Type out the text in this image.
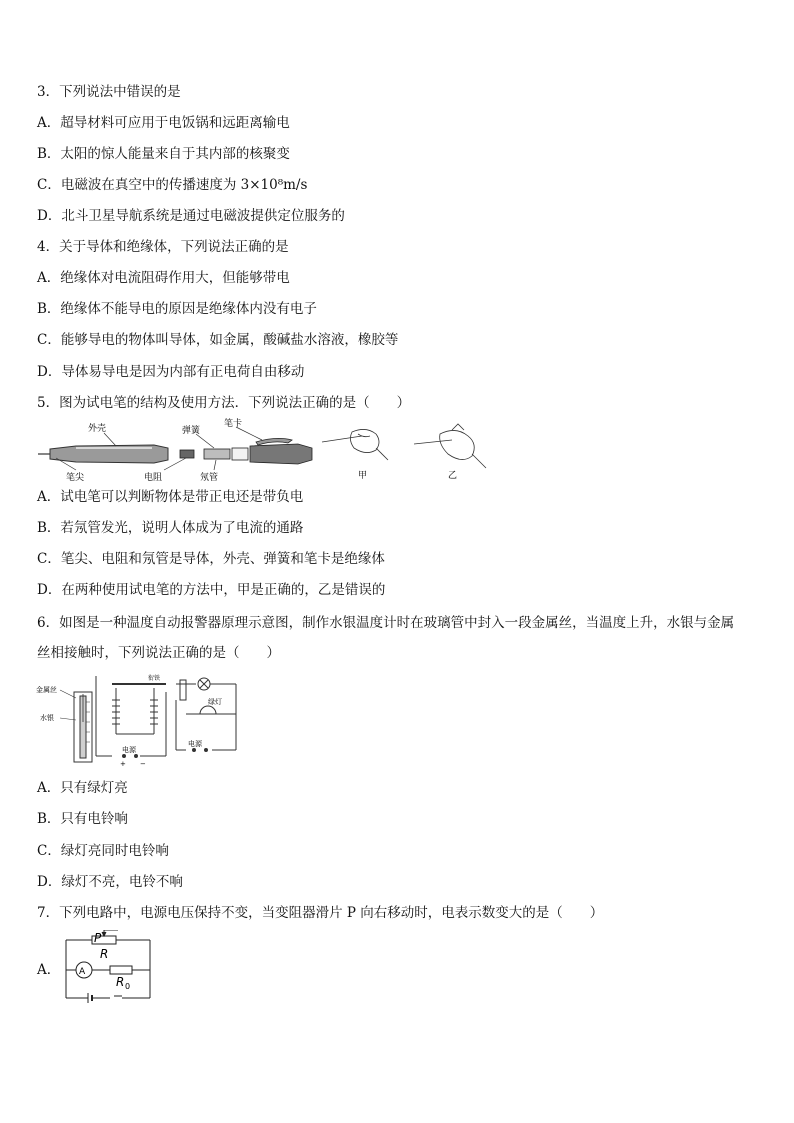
3．下列说法中错误的是
A．超导材料可应用于电饭锅和远距离输电
B．太阳的惊人能量来自于其内部的核聚变
C．电磁波在真空中的传播速度为 3×10⁸m/s
D．北斗卫星导航系统是通过电磁波提供定位服务的
4．关于导体和绝缘体，下列说法正确的是
A．绝缘体对电流阻碍作用大，但能够带电
B．绝缘体不能导电的原因是绝缘体内没有电子
C．能够导电的物体叫导体，如金属，酸碱盐水溶液，橡胶等
D．导体易导电是因为内部有正电荷自由移动
5．图为试电笔的结构及使用方法．下列说法正确的是（　　）
外壳	弹簧
笔卡
笔尖	电阻	氖管	甲	乙
A．试电笔可以判断物体是带正电还是带负电
B．若氖管发光，说明人体成为了电流的通路
C．笔尖、电阻和氖管是导体，外壳、弹簧和笔卡是绝缘体
D．在两种使用试电笔的方法中，甲是正确的，乙是错误的
6．如图是一种温度自动报警器原理示意图，制作水银温度计时在玻璃管中封入一段金属丝，当温度上升，水银与金属
丝相接触时，下列说法正确的是（　　）
金属丝
水银
衔铁
绿灯
电源
电源
+ −
A．只有绿灯亮
B．只有电铃响
C．绿灯亮同时电铃响
D．绿灯不亮，电铃不响
7．下列电路中，电源电压保持不变，当变阻器滑片 P 向右移动时，电表示数变大的是（　　）
A．
P
R
A
R 0
